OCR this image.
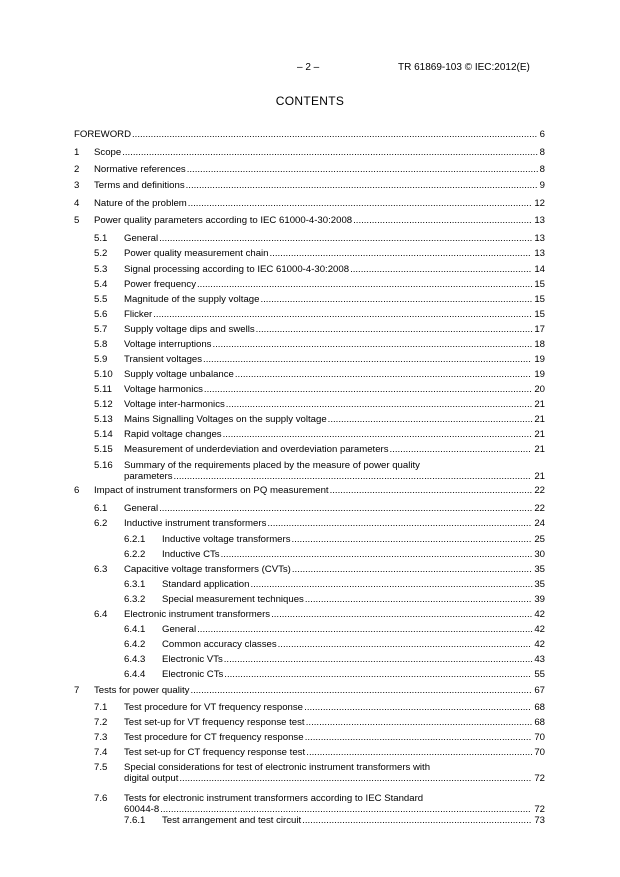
– 2 –	TR 61869-103 © IEC:2012(E)
CONTENTS
FOREWORD ........................................................................................................................................................ 6
1 Scope ............................................................................................................................................................ 8
2 Normative references .................................................................................................................................... 8
3 Terms and definitions .................................................................................................................................... 9
4 Nature of the problem ................................................................................................................................. 12
5 Power quality parameters according to IEC 61000-4-30:2008 ................................................................... 13
5.1 General ............................................................................................................................................ 13
5.2 Power quality measurement chain .................................................................................................. 13
5.3 Signal processing according to IEC 61000-4-30:2008 .................................................................... 14
5.4 Power frequency .............................................................................................................................. 15
5.5 Magnitude of the supply voltage ...................................................................................................... 15
5.6 Flicker .............................................................................................................................................. 15
5.7 Supply voltage dips and swells ........................................................................................................ 17
5.8 Voltage interruptions ........................................................................................................................ 18
5.9 Transient voltages ........................................................................................................................... 19
5.10 Supply voltage unbalance ............................................................................................................... 19
5.11 Voltage harmonics ........................................................................................................................... 20
5.12 Voltage inter-harmonics ................................................................................................................... 21
5.13 Mains Signalling Voltages on the supply voltage ............................................................................. 21
5.14 Rapid voltage changes .................................................................................................................... 21
5.15 Measurement of underdeviation and overdeviation parameters ..................................................... 21
5.16 Summary of the requirements placed by the measure of power quality
parameters ...................................................................................................................................... 21
6 Impact of instrument transformers on PQ measurement ............................................................................ 22
6.1 General ............................................................................................................................................ 22
6.2 Inductive instrument transformers ................................................................................................... 24
6.2.1 Inductive voltage transformers .......................................................................................... 25
6.2.2 Inductive CTs ..................................................................................................................... 30
6.3 Capacitive voltage transformers (CVTs) .......................................................................................... 35
6.3.1 Standard application .......................................................................................................... 35
6.3.2 Special measurement techniques ..................................................................................... 39
6.4 Electronic instrument transformers .................................................................................................. 42
6.4.1 General .............................................................................................................................. 42
6.4.2 Common accuracy classes ............................................................................................... 42
6.4.3 Electronic VTs .................................................................................................................... 43
6.4.4 Electronic CTs ................................................................................................................... 55
7 Tests for power quality ................................................................................................................................ 67
7.1 Test procedure for VT frequency response ..................................................................................... 68
7.2 Test set-up for VT frequency response test ..................................................................................... 68
7.3 Test procedure for CT frequency response ..................................................................................... 70
7.4 Test set-up for CT frequency response test ..................................................................................... 70
7.5 Special considerations for test of electronic instrument transformers with
digital output .................................................................................................................................... 72
7.6 Tests for electronic instrument transformers according to IEC Standard
60044-8 ........................................................................................................................................... 72
7.6.1 Test arrangement and test circuit ...................................................................................... 73
